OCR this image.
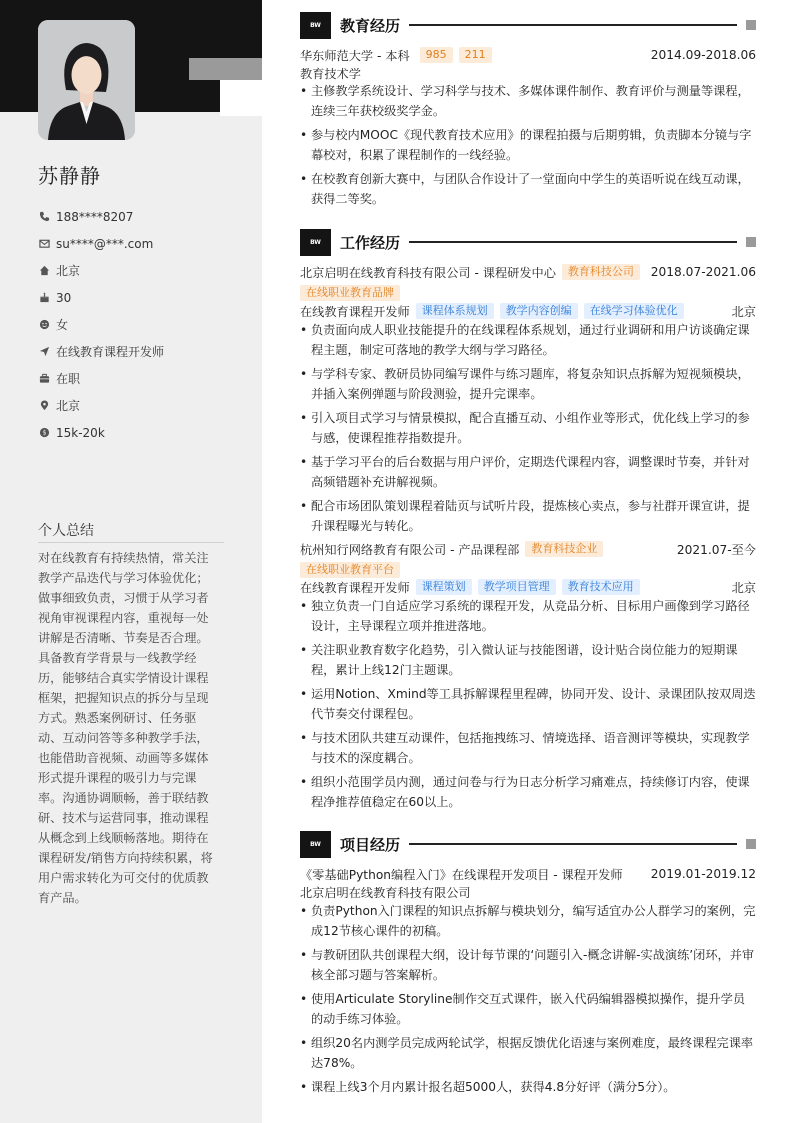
苏静静
188****8207
su****@***.com
北京
30
女
在线教育课程开发师
在职
北京
$ 15k-20k
个人总结
对在线教育有持续热情，常关注教学产品迭代与学习体验优化；做事细致负责，习惯于从学习者视角审视课程内容，重视每一处讲解是否清晰、节奏是否合理。具备教育学背景与一线教学经历，能够结合真实学情设计课程框架，把握知识点的拆分与呈现方式。熟悉案例研讨、任务驱动、互动问答等多种教学手法，也能借助音视频、动画等多媒体形式提升课程的吸引力与完课率。沟通协调顺畅，善于联结教研、技术与运营同事，推动课程从概念到上线顺畅落地。期待在课程研发/销售方向持续积累，将用户需求转化为可交付的优质教育产品。
BW	教育经历
华东师范大学 - 本科	985	211	2014.09-2018.06
教育技术学
• 主修教学系统设计、学习科学与技术、多媒体课件制作、教育评价与测量等课程，连续三年获校级奖学金。
• 参与校内MOOC《现代教育技术应用》的课程拍摄与后期剪辑，负责脚本分镜与字幕校对，积累了课程制作的一线经验。
• 在校教育创新大赛中，与团队合作设计了一堂面向中学生的英语听说在线互动课，获得二等奖。
BW	工作经历
北京启明在线教育科技有限公司 - 课程研发中心	教育科技公司	2018.07-2021.06
在线职业教育品牌
在线教育课程开发师	课程体系规划	教学内容创编	在线学习体验优化	北京
• 负责面向成人职业技能提升的在线课程体系规划，通过行业调研和用户访谈确定课程主题，制定可落地的教学大纲与学习路径。
• 与学科专家、教研员协同编写课件与练习题库，将复杂知识点拆解为短视频模块，并插入案例弹题与阶段测验，提升完课率。
• 引入项目式学习与情景模拟，配合直播互动、小组作业等形式，优化线上学习的参与感，使课程推荐指数提升。
• 基于学习平台的后台数据与用户评价，定期迭代课程内容，调整课时节奏，并针对高频错题补充讲解视频。
• 配合市场团队策划课程着陆页与试听片段，提炼核心卖点，参与社群开课宣讲，提升课程曝光与转化。
杭州知行网络教育有限公司 - 产品课程部	教育科技企业	2021.07-至今
在线职业教育平台
在线教育课程开发师	课程策划	教学项目管理	教育技术应用	北京
• 独立负责一门自适应学习系统的课程开发，从竞品分析、目标用户画像到学习路径设计，主导课程立项并推进落地。
• 关注职业教育数字化趋势，引入微认证与技能图谱，设计贴合岗位能力的短期课程，累计上线12门主题课。
• 运用Notion、Xmind等工具拆解课程里程碑，协同开发、设计、录课团队按双周迭代节奏交付课程包。
• 与技术团队共建互动课件，包括拖拽练习、情境选择、语音测评等模块，实现教学与技术的深度耦合。
• 组织小范围学员内测，通过问卷与行为日志分析学习痛难点，持续修订内容，使课程净推荐值稳定在60以上。
BW	项目经历
《零基础Python编程入门》在线课程开发项目 - 课程开发师 2019.01-2019.12
北京启明在线教育科技有限公司
• 负责Python入门课程的知识点拆解与模块划分，编写适宜办公人群学习的案例，完成12节核心课件的初稿。
• 与教研团队共创课程大纲，设计每节课的‘问题引入-概念讲解-实战演练’闭环，并审核全部习题与答案解析。
• 使用Articulate Storyline制作交互式课件，嵌入代码编辑器模拟操作，提升学员的动手练习体验。
• 组织20名内测学员完成两轮试学，根据反馈优化语速与案例难度，最终课程完课率达78%。
• 课程上线3个月内累计报名超5000人，获得4.8分好评（满分5分）。
